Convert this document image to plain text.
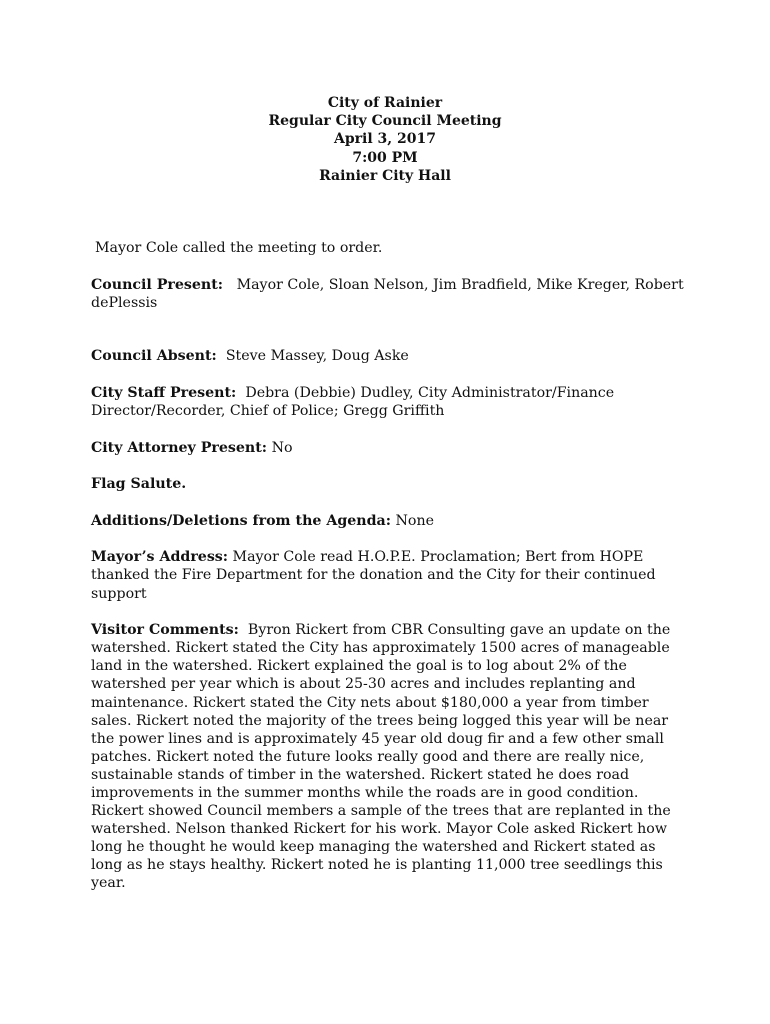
City of Rainier
Regular City Council Meeting
April 3, 2017
7:00 PM
Rainier City Hall

Mayor Cole called the meeting to order.

Council Present: Mayor Cole, Sloan Nelson, Jim Bradfield, Mike Kreger, Robert dePlessis

Council Absent: Steve Massey, Doug Aske

City Staff Present: Debra (Debbie) Dudley, City Administrator/Finance Director/Recorder, Chief of Police; Gregg Griffith

City Attorney Present: No

Flag Salute.

Additions/Deletions from the Agenda: None

Mayor’s Address: Mayor Cole read H.O.P.E. Proclamation; Bert from HOPE thanked the Fire Department for the donation and the City for their continued support

Visitor Comments: Byron Rickert from CBR Consulting gave an update on the watershed. Rickert stated the City has approximately 1500 acres of manageable land in the watershed. Rickert explained the goal is to log about 2% of the watershed per year which is about 25-30 acres and includes replanting and maintenance. Rickert stated the City nets about $180,000 a year from timber sales. Rickert noted the majority of the trees being logged this year will be near the power lines and is approximately 45 year old doug fir and a few other small patches. Rickert noted the future looks really good and there are really nice, sustainable stands of timber in the watershed. Rickert stated he does road improvements in the summer months while the roads are in good condition. Rickert showed Council members a sample of the trees that are replanted in the watershed. Nelson thanked Rickert for his work. Mayor Cole asked Rickert how long he thought he would keep managing the watershed and Rickert stated as long as he stays healthy. Rickert noted he is planting 11,000 tree seedlings this year.
